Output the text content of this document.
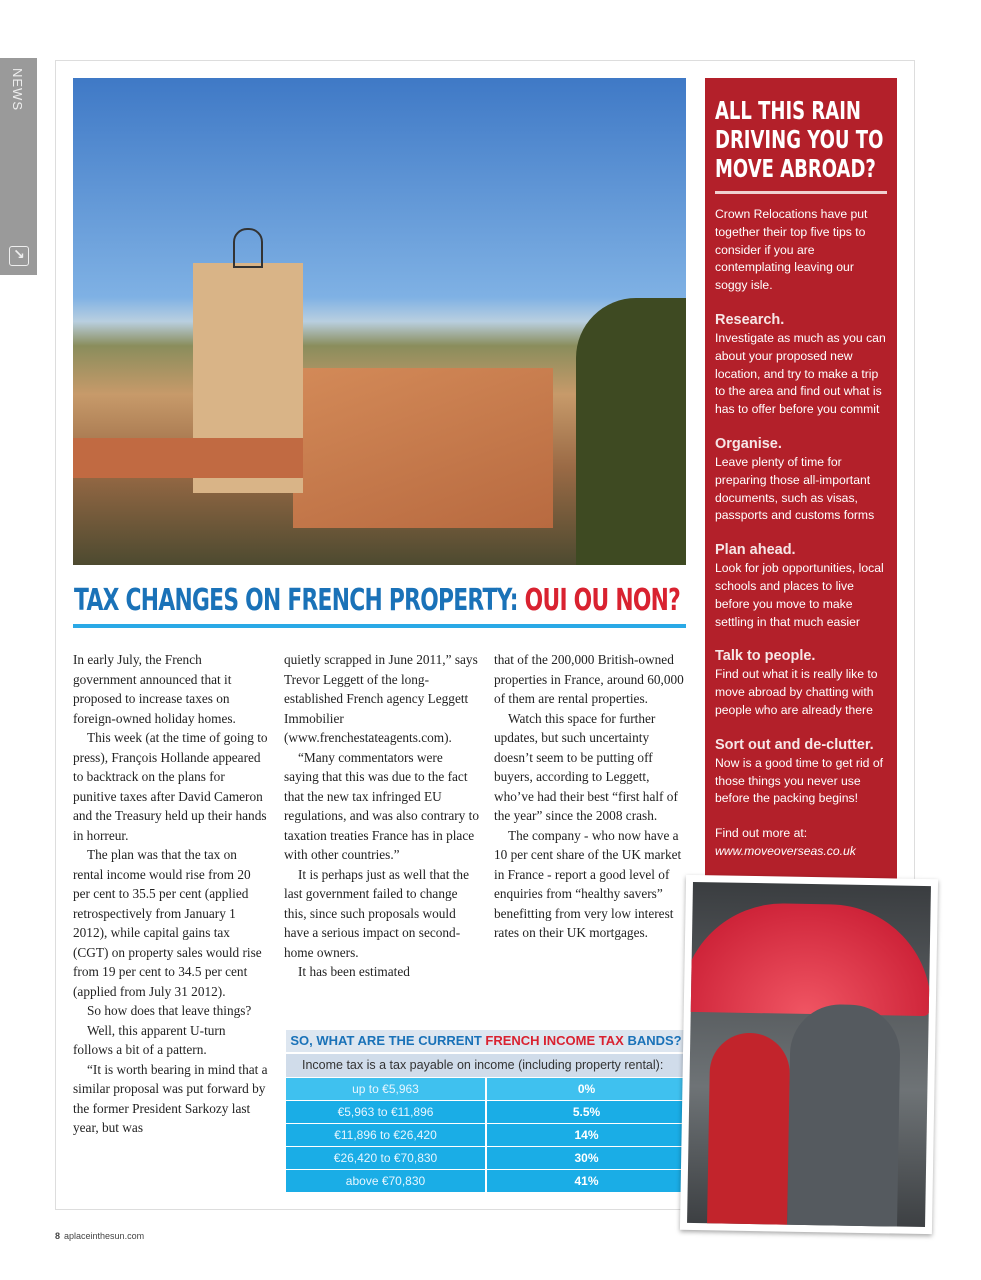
NEWS
↘
TAX CHANGES ON FRENCH PROPERTY: OUI OU NON?

In early July, the French government announced that it proposed to increase taxes on foreign-owned holiday homes.

This week (at the time of going to press), François Hollande appeared to backtrack on the plans for punitive taxes after David Cameron and the Treasury held up their hands in horreur.

The plan was that the tax on rental income would rise from 20 per cent to 35.5 per cent (applied retrospectively from January 1 2012), while capital gains tax (CGT) on property sales would rise from 19 per cent to 34.5 per cent (applied from July 31 2012).

So how does that leave things?

Well, this apparent U-turn follows a bit of a pattern.

“It is worth bearing in mind that a similar proposal was put forward by the former President Sarkozy last year, but was

quietly scrapped in June 2011,” says Trevor Leggett of the long-established French agency Leggett Immobilier (www.frenchestateagents.com).

“Many commentators were saying that this was due to the fact that the new tax infringed EU regulations, and was also contrary to taxation treaties France has in place with other countries.”

It is perhaps just as well that the last government failed to change this, since such proposals would have a serious impact on second-home owners.

It has been estimated

that of the 200,000 British-owned properties in France, around 60,000 of them are rental properties.

Watch this space for further updates, but such uncertainty doesn’t seem to be putting off buyers, according to Leggett, who’ve had their best “first half of the year” since the 2008 crash.

The company - who now have a 10 per cent share of the UK market in France - report a good level of enquiries from “healthy savers” benefitting from very low interest rates on their UK mortgages.

SO, WHAT ARE THE CURRENT FRENCH INCOME TAX BANDS?
Income tax is a tax payable on income (including property rental):
up to €5,963	0%
€5,963 to €11,896	5.5%
€11,896 to €26,420	14%
€26,420 to €70,830	30%
above €70,830	41%
ALL THIS RAIN
DRIVING YOU TO
MOVE ABROAD?

Crown Relocations have put together their top five tips to consider if you are contemplating leaving our soggy isle.

Research.

Investigate as much as you can about your proposed new location, and try to make a trip to the area and find out what is has to offer before you commit

Organise.

Leave plenty of time for preparing those all-important documents, such as visas, passports and customs forms

Plan ahead.

Look for job opportunities, local schools and places to live before you move to make settling in that much easier

Talk to people.

Find out what it is really like to move abroad by chatting with people who are already there

Sort out and de-clutter.

Now is a good time to get rid of those things you never use before the packing begins!

Find out more at:

www.moveoverseas.co.uk

8 aplaceinthesun.com
